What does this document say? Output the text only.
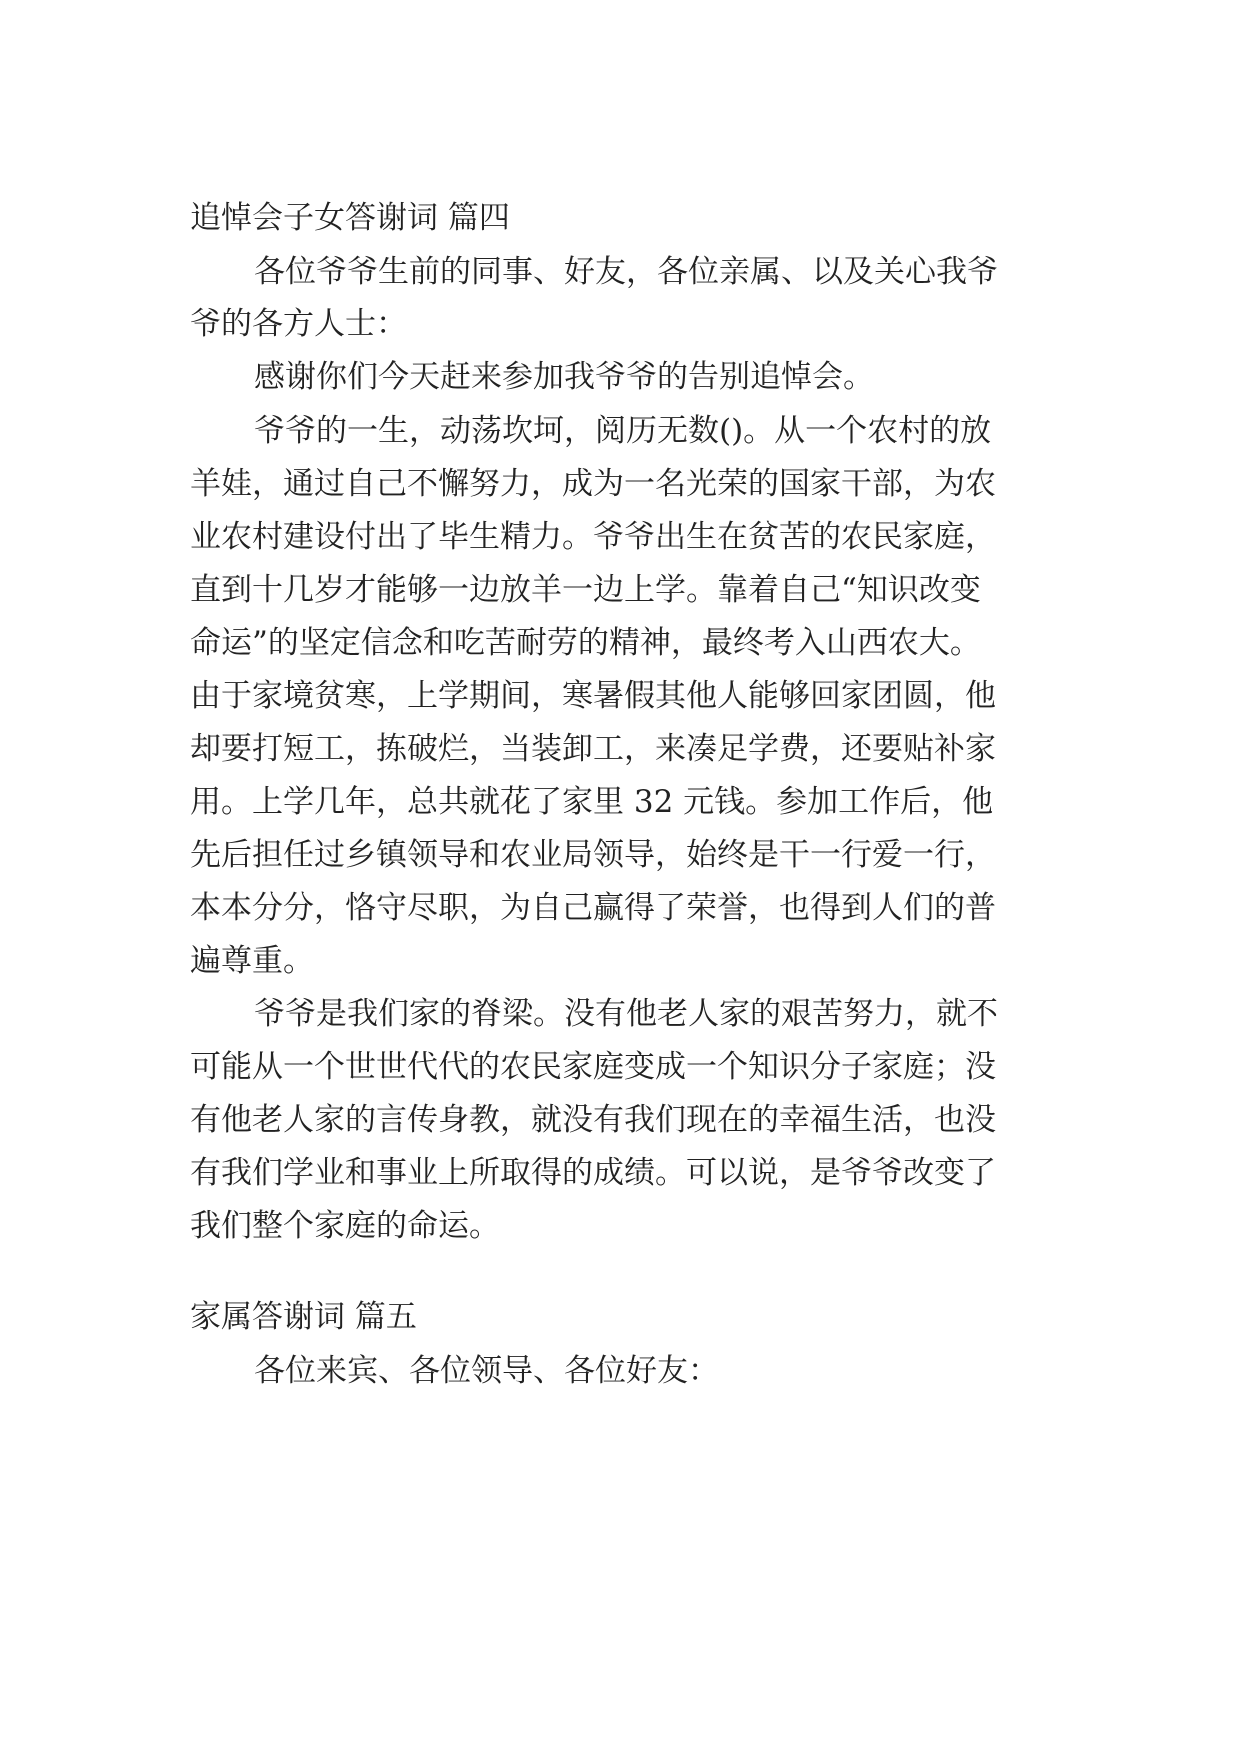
追悼会子女答谢词 篇四
各位爷爷生前的同事、好友，各位亲属、以及关心我爷
爷的各方人士：
感谢你们今天赶来参加我爷爷的告别追悼会。
爷爷的一生，动荡坎坷，阅历无数()。从一个农村的放
羊娃，通过自己不懈努力，成为一名光荣的国家干部，为农
业农村建设付出了毕生精力。爷爷出生在贫苦的农民家庭，
直到十几岁才能够一边放羊一边上学。靠着自己“知识改变
命运”的坚定信念和吃苦耐劳的精神，最终考入山西农大。
由于家境贫寒，上学期间，寒暑假其他人能够回家团圆，他
却要打短工，拣破烂，当装卸工，来凑足学费，还要贴补家
用。上学几年，总共就花了家里 32 元钱。参加工作后，他
先后担任过乡镇领导和农业局领导，始终是干一行爱一行，
本本分分，恪守尽职，为自己赢得了荣誉，也得到人们的普
遍尊重。
爷爷是我们家的脊梁。没有他老人家的艰苦努力，就不
可能从一个世世代代的农民家庭变成一个知识分子家庭；没
有他老人家的言传身教，就没有我们现在的幸福生活，也没
有我们学业和事业上所取得的成绩。可以说，是爷爷改变了
我们整个家庭的命运。
家属答谢词 篇五
各位来宾、各位领导、各位好友：
